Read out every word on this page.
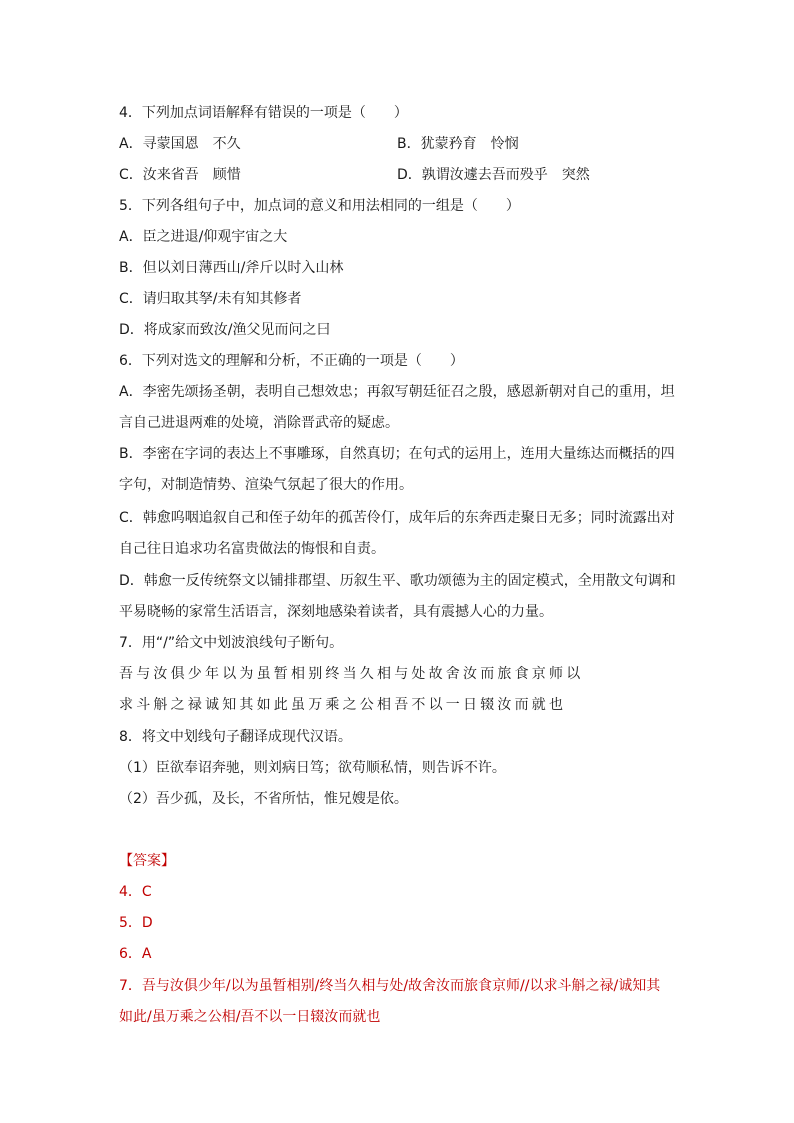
4．下列加点词语解释有错误的一项是（　　）
A．寻蒙国恩　不久	B．犹蒙矜育　怜悯
C．汝来省吾　顾惜	D．孰谓汝遽去吾而殁乎　突然
5．下列各组句子中，加点词的意义和用法相同的一组是（　　）
A．臣之进退/仰观宇宙之大
B．但以刘日薄西山/斧斤以时入山林
C．请归取其孥/未有知其修者
D．将成家而致汝/渔父见而问之曰
6．下列对选文的理解和分析，不正确的一项是（　　）
A．李密先颂扬圣朝，表明自己想效忠；再叙写朝廷征召之殷，感恩新朝对自己的重用，坦
言自己进退两难的处境，消除晋武帝的疑虑。
B．李密在字词的表达上不事雕琢，自然真切；在句式的运用上，连用大量练达而概括的四
字句，对制造情势、渲染气氛起了很大的作用。
C．韩愈呜咽追叙自己和侄子幼年的孤苦伶仃，成年后的东奔西走聚日无多；同时流露出对
自己往日追求功名富贵做法的悔恨和自责。
D．韩愈一反传统祭文以铺排郡望、历叙生平、歌功颂德为主的固定模式，全用散文句调和
平易晓畅的家常生活语言，深刻地感染着读者，具有震撼人心的力量。
7．用“/”给文中划波浪线句子断句。
吾与汝俱少年以为虽暂相别终当久相与处故舍汝而旅食京师以
求斗斛之禄诚知其如此虽万乘之公相吾不以一日辍汝而就也
8．将文中划线句子翻译成现代汉语。
（1）臣欲奉诏奔驰，则刘病日笃；欲苟顺私情，则告诉不许。
（2）吾少孤，及长，不省所怙，惟兄嫂是依。
【答案】
4．C
5．D
6．A
7．吾与汝俱少年/以为虽暂相别/终当久相与处/故舍汝而旅食京师//以求斗斛之禄/诚知其
如此/虽万乘之公相/吾不以一日辍汝而就也
